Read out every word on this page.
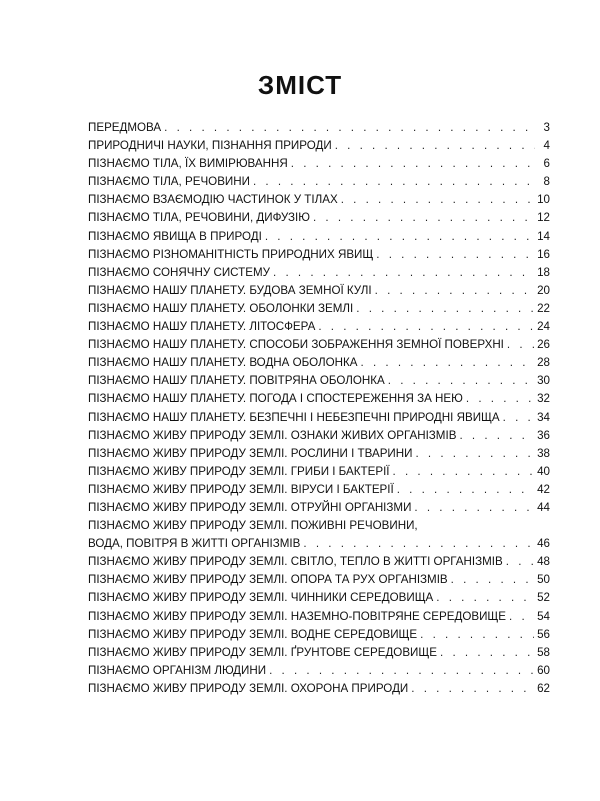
ЗМІСТ
ПЕРЕДМОВА . . .	3
ПРИРОДНИЧІ НАУКИ, ПІЗНАННЯ ПРИРОДИ . . .	4
ПІЗНАЄМО ТІЛА, ЇХ ВИМІРЮВАННЯ . . .	6
ПІЗНАЄМО ТІЛА, РЕЧОВИНИ . . .	8
ПІЗНАЄМО ВЗАЄМОДІЮ ЧАСТИНОК У ТІЛАХ . . .	10
ПІЗНАЄМО ТІЛА, РЕЧОВИНИ, ДИФУЗІЮ . . .	12
ПІЗНАЄМО ЯВИЩА В ПРИРОДІ . . .	14
ПІЗНАЄМО РІЗНОМАНІТНІСТЬ ПРИРОДНИХ ЯВИЩ . . .	16
ПІЗНАЄМО СОНЯЧНУ СИСТЕМУ . . .	18
ПІЗНАЄМО НАШУ ПЛАНЕТУ. БУДОВА ЗЕМНОЇ КУЛІ . . .	20
ПІЗНАЄМО НАШУ ПЛАНЕТУ. ОБОЛОНКИ ЗЕМЛІ . . .	22
ПІЗНАЄМО НАШУ ПЛАНЕТУ. ЛІТОСФЕРА . . .	24
ПІЗНАЄМО НАШУ ПЛАНЕТУ. СПОСОБИ ЗОБРАЖЕННЯ ЗЕМНОЇ ПОВЕРХНІ . . .	26
ПІЗНАЄМО НАШУ ПЛАНЕТУ. ВОДНА ОБОЛОНКА . . .	28
ПІЗНАЄМО НАШУ ПЛАНЕТУ. ПОВІТРЯНА ОБОЛОНКА . . .	30
ПІЗНАЄМО НАШУ ПЛАНЕТУ. ПОГОДА І СПОСТЕРЕЖЕННЯ ЗА НЕЮ . . .	32
ПІЗНАЄМО НАШУ ПЛАНЕТУ. БЕЗПЕЧНІ І НЕБЕЗПЕЧНІ ПРИРОДНІ ЯВИЩА . . .	34
ПІЗНАЄМО ЖИВУ ПРИРОДУ ЗЕМЛІ. ОЗНАКИ ЖИВИХ ОРГАНІЗМІВ . . .	36
ПІЗНАЄМО ЖИВУ ПРИРОДУ ЗЕМЛІ. РОСЛИНИ І ТВАРИНИ . . .	38
ПІЗНАЄМО ЖИВУ ПРИРОДУ ЗЕМЛІ. ГРИБИ І БАКТЕРІЇ . . .	40
ПІЗНАЄМО ЖИВУ ПРИРОДУ ЗЕМЛІ. ВІРУСИ І БАКТЕРІЇ . . .	42
ПІЗНАЄМО ЖИВУ ПРИРОДУ ЗЕМЛІ. ОТРУЙНІ ОРГАНІЗМИ . . .	44
ПІЗНАЄМО ЖИВУ ПРИРОДУ ЗЕМЛІ. ПОЖИВНІ РЕЧОВИНИ,
ВОДА, ПОВІТРЯ В ЖИТТІ ОРГАНІЗМІВ . . .	46
ПІЗНАЄМО ЖИВУ ПРИРОДУ ЗЕМЛІ. СВІТЛО, ТЕПЛО В ЖИТТІ ОРГАНІЗМІВ . . .	48
ПІЗНАЄМО ЖИВУ ПРИРОДУ ЗЕМЛІ. ОПОРА ТА РУХ ОРГАНІЗМІВ . . .	50
ПІЗНАЄМО ЖИВУ ПРИРОДУ ЗЕМЛІ. ЧИННИКИ СЕРЕДОВИЩА . . .	52
ПІЗНАЄМО ЖИВУ ПРИРОДУ ЗЕМЛІ. НАЗЕМНО-ПОВІТРЯНЕ СЕРЕДОВИЩЕ . . .	54
ПІЗНАЄМО ЖИВУ ПРИРОДУ ЗЕМЛІ. ВОДНЕ СЕРЕДОВИЩЕ . . .	56
ПІЗНАЄМО ЖИВУ ПРИРОДУ ЗЕМЛІ. ҐРУНТОВЕ СЕРЕДОВИЩЕ . . .	58
ПІЗНАЄМО ОРГАНІЗМ ЛЮДИНИ . . .	60
ПІЗНАЄМО ЖИВУ ПРИРОДУ ЗЕМЛІ. ОХОРОНА ПРИРОДИ . . .	62
